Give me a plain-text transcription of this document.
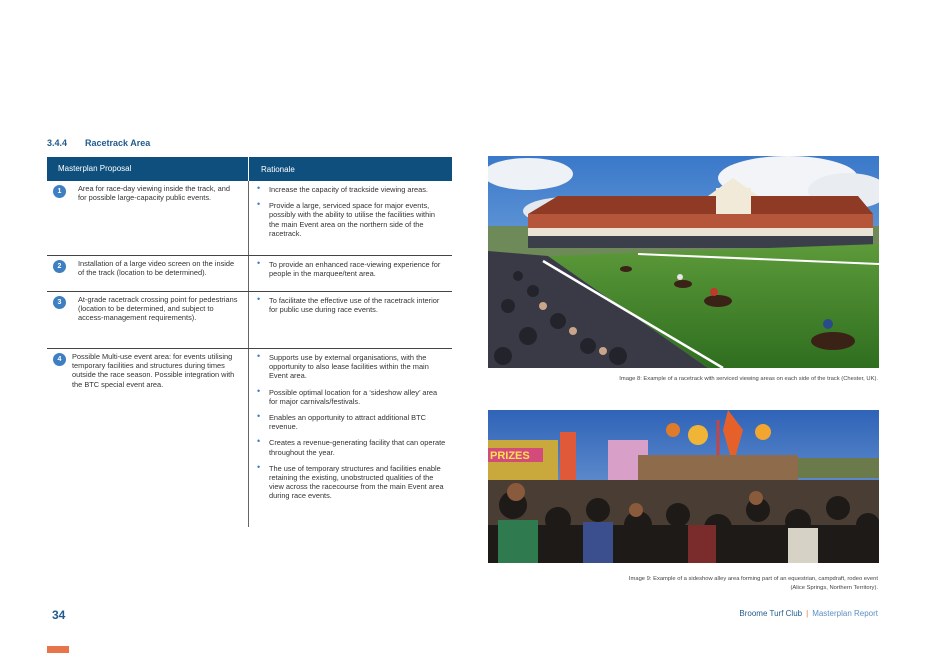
3.4.4 Racetrack Area
Masterplan Proposal	Rationale
1	Area for race-day viewing inside the track, and for possible large-capacity public events.
• Increase the capacity of trackside viewing areas.
• Provide a large, serviced space for major events, possibly with the ability to utilise the facilities within the main Event area on the northern side of the racetrack.
2	Installation of a large video screen on the inside of the track (location to be determined).
• To provide an enhanced race-viewing experience for people in the marquee/tent area.
3	At-grade racetrack crossing point for pedestrians (location to be determined, and subject to access-management requirements).
• To facilitate the effective use of the racetrack interior for public use during race events.
4	Possible Multi-use event area: for events utilising temporary facilities and structures during times outside the race season. Possible integration with the BTC special event area.
• Supports use by external organisations, with the opportunity to also lease facilities within the main Event area.
• Possible optimal location for a ‘sideshow alley’ area for major carnivals/festivals.
• Enables an opportunity to attract additional BTC revenue.
• Creates a revenue-generating facility that can operate throughout the year.
• The use of temporary structures and facilities enable retaining the existing, unobstructed qualities of the view across the racecourse from the main Event area during race events.
Image 8: Example of a racetrack with serviced viewing areas on each side of the track (Chester, UK).
PRIZES
Image 9: Example of a sideshow alley area forming part of an equestrian, campdraft, rodeo event
(Alice Springs, Northern Territory).
34	Broome Turf Club | Masterplan Report
